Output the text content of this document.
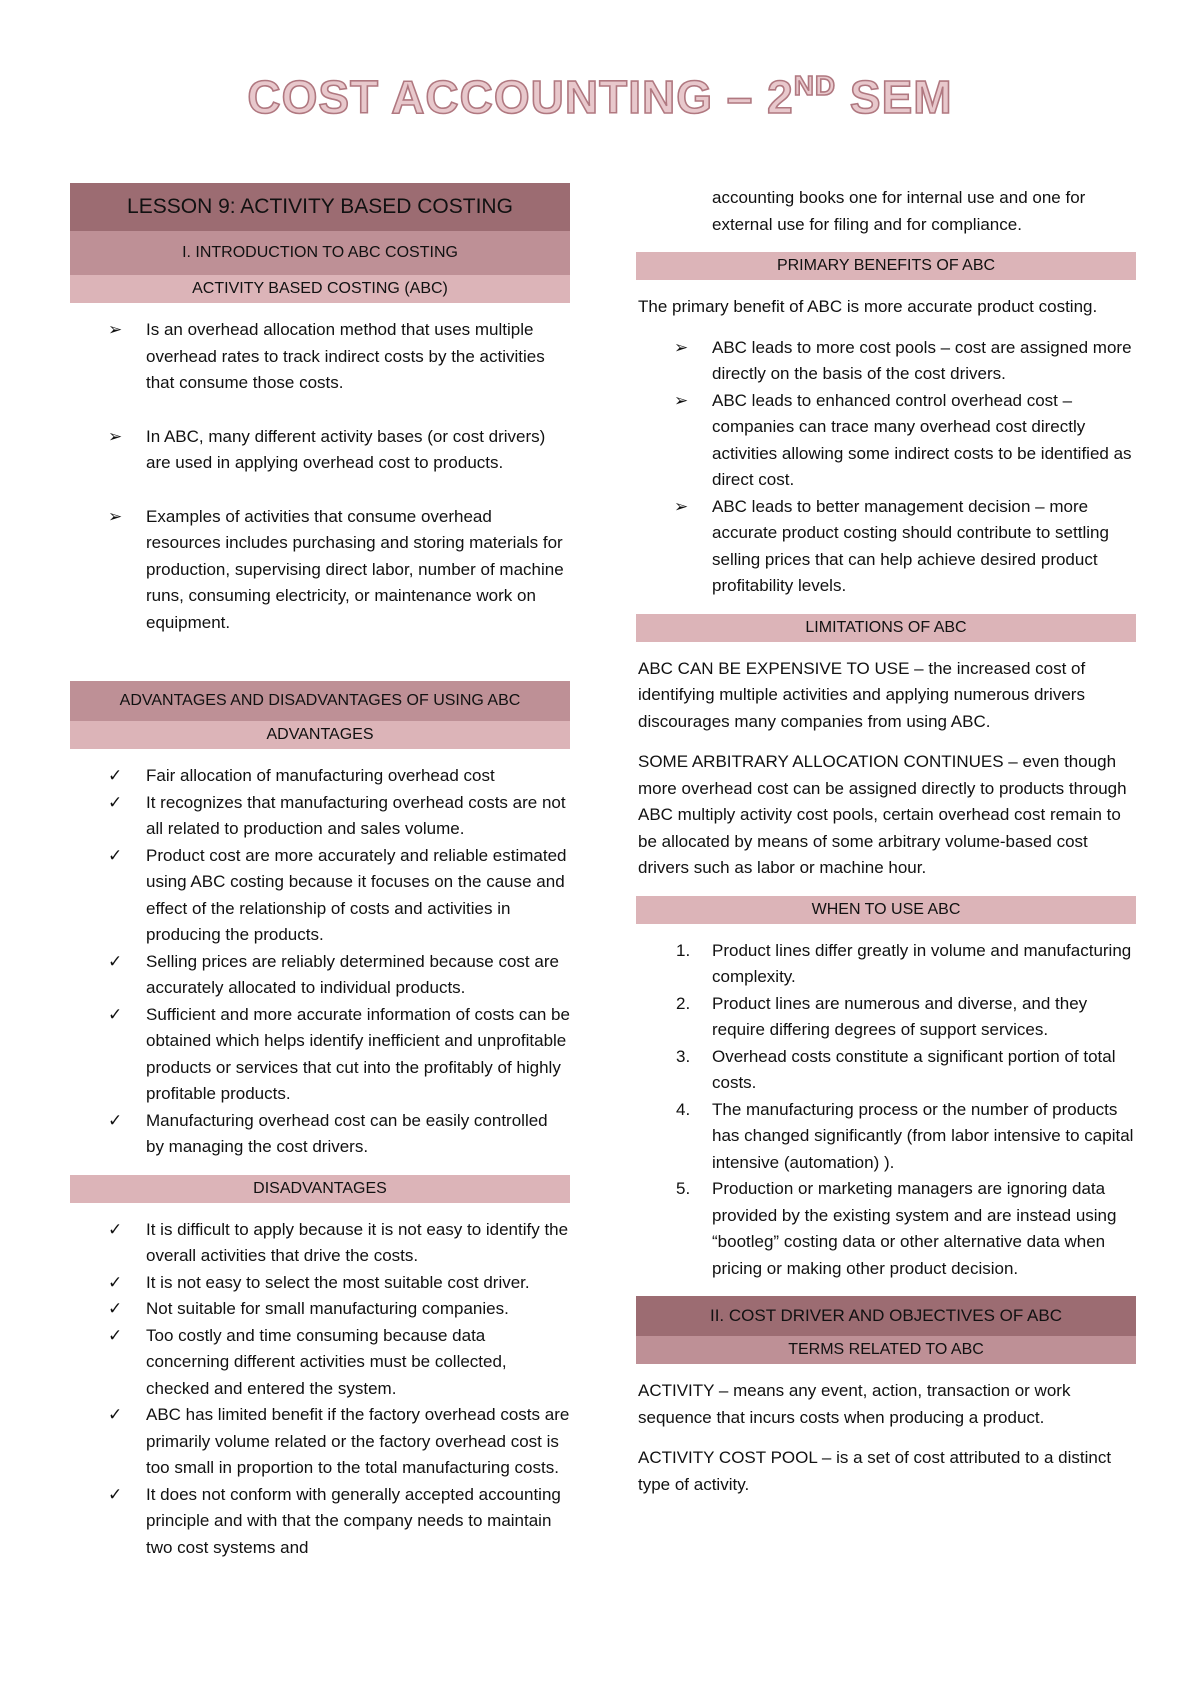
COST ACCOUNTING – 2ND SEM
LESSON 9: ACTIVITY BASED COSTING
I. INTRODUCTION TO ABC COSTING
ACTIVITY BASED COSTING (ABC)
➢	Is an overhead allocation method that uses multiple overhead rates to track indirect costs by the activities that consume those costs.
➢	In ABC, many different activity bases (or cost drivers) are used in applying overhead cost to products.
➢	Examples of activities that consume overhead resources includes purchasing and storing materials for production, supervising direct labor, number of machine runs, consuming electricity, or maintenance work on equipment.
ADVANTAGES AND DISADVANTAGES OF USING ABC
ADVANTAGES
✓	Fair allocation of manufacturing overhead cost
✓	It recognizes that manufacturing overhead costs are not all related to production and sales volume.
✓	Product cost are more accurately and reliable estimated using ABC costing because it focuses on the cause and effect of the relationship of costs and activities in producing the products.
✓	Selling prices are reliably determined because cost are accurately allocated to individual products.
✓	Sufficient and more accurate information of costs can be obtained which helps identify inefficient and unprofitable products or services that cut into the profitably of highly profitable products.
✓	Manufacturing overhead cost can be easily controlled by managing the cost drivers.
DISADVANTAGES
✓	It is difficult to apply because it is not easy to identify the overall activities that drive the costs.
✓	It is not easy to select the most suitable cost driver.
✓	Not suitable for small manufacturing companies.
✓	Too costly and time consuming because data concerning different activities must be collected, checked and entered the system.
✓	ABC has limited benefit if the factory overhead costs are primarily volume related or the factory overhead cost is too small in proportion to the total manufacturing costs.
✓	It does not conform with generally accepted accounting principle and with that the company needs to maintain two cost systems and

accounting books one for internal use and one for external use for filing and for compliance.

PRIMARY BENEFITS OF ABC

The primary benefit of ABC is more accurate product costing.

➢	ABC leads to more cost pools – cost are assigned more directly on the basis of the cost drivers.
➢	ABC leads to enhanced control overhead cost – companies can trace many overhead cost directly activities allowing some indirect costs to be identified as direct cost.
➢	ABC leads to better management decision – more accurate product costing should contribute to settling selling prices that can help achieve desired product profitability levels.
LIMITATIONS OF ABC

ABC CAN BE EXPENSIVE TO USE – the increased cost of identifying multiple activities and applying numerous drivers discourages many companies from using ABC.

SOME ARBITRARY ALLOCATION CONTINUES – even though more overhead cost can be assigned directly to products through ABC multiply activity cost pools, certain overhead cost remain to be allocated by means of some arbitrary volume-based cost drivers such as labor or machine hour.

WHEN TO USE ABC
1.	Product lines differ greatly in volume and manufacturing complexity.
2.	Product lines are numerous and diverse, and they require differing degrees of support services.
3.	Overhead costs constitute a significant portion of total costs.
4.	The manufacturing process or the number of products has changed significantly (from labor intensive to capital intensive (automation) ).
5.	Production or marketing managers are ignoring data provided by the existing system and are instead using “bootleg” costing data or other alternative data when pricing or making other product decision.
II. COST DRIVER AND OBJECTIVES OF ABC
TERMS RELATED TO ABC

ACTIVITY – means any event, action, transaction or work sequence that incurs costs when producing a product.

ACTIVITY COST POOL – is a set of cost attributed to a distinct type of activity.
